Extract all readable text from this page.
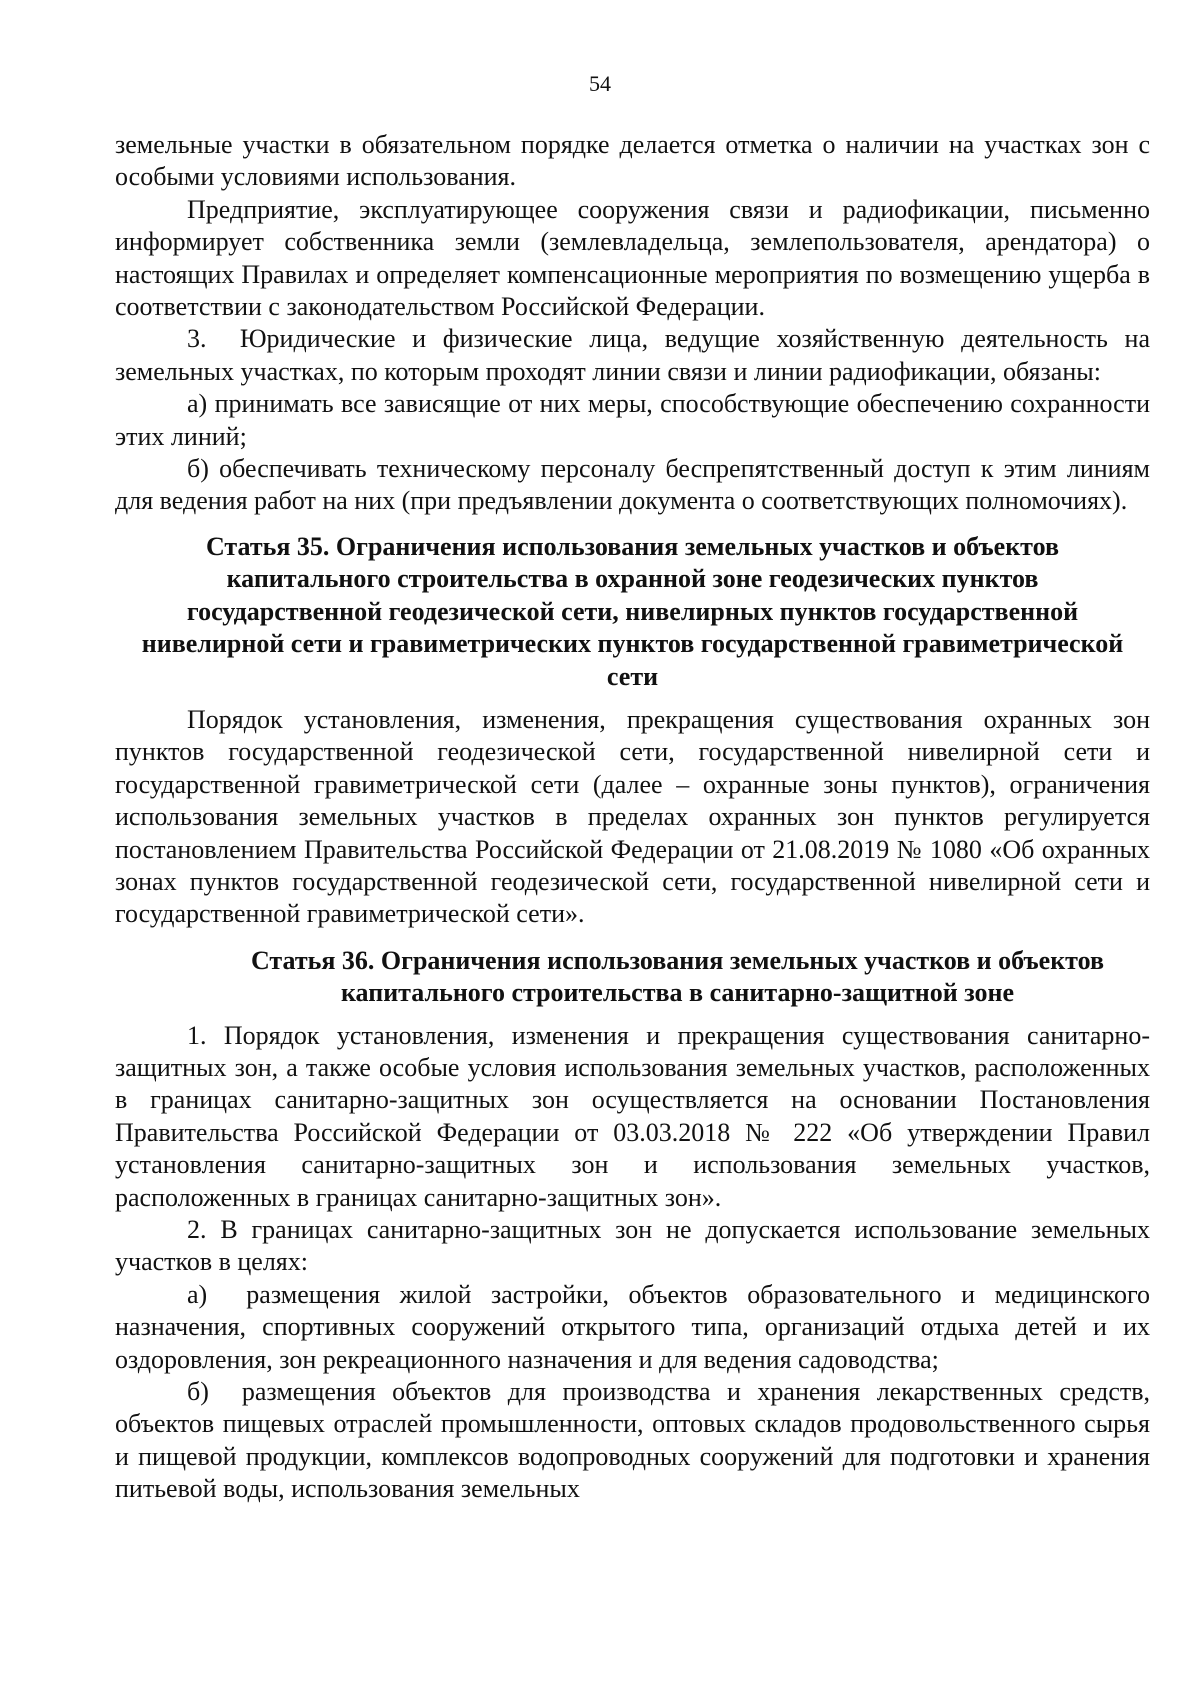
54

земельные участки в обязательном порядке делается отметка о наличии на участках зон с особыми условиями использования.

Предприятие, эксплуатирующее сооружения связи и радиофикации, письменно информирует собственника земли (землевладельца, землепользователя, арендатора) о настоящих Правилах и определяет компенсационные мероприятия по возмещению ущерба в соответствии с законодательством Российской Федерации.

3.  Юридические и физические лица, ведущие хозяйственную деятельность на земельных участках, по которым проходят линии связи и линии радиофикации, обязаны:

а) принимать все зависящие от них меры, способствующие обеспечению сохранности этих линий;

б) обеспечивать техническому персоналу беспрепятственный доступ к этим линиям для ведения работ на них (при предъявлении документа о соответствующих полномочиях).

Статья 35. Ограничения использования земельных участков и объектов капитального строительства в охранной зоне геодезических пунктов государственной геодезической сети, нивелирных пунктов государственной нивелирной сети и гравиметрических пунктов государственной гравиметрической сети

Порядок установления, изменения, прекращения существования охранных зон пунктов государственной геодезической сети, государственной нивелирной сети и государственной гравиметрической сети (далее – охранные зоны пунктов), ограничения использования земельных участков в пределах охранных зон пунктов регулируется постановлением Правительства Российской Федерации от 21.08.2019 № 1080 «Об охранных зонах пунктов государственной геодезической сети, государственной нивелирной сети и государственной гравиметрической сети».

Статья 36. Ограничения использования земельных участков и объектов капитального строительства в санитарно-защитной зоне

1. Порядок установления, изменения и прекращения существования санитарно-защитных зон, а также особые условия использования земельных участков, расположенных в границах санитарно-защитных зон осуществляется на основании Постановления Правительства Российской Федерации от 03.03.2018 № 222 «Об утверждении Правил установления санитарно-защитных зон и использования земельных участков, расположенных в границах санитарно-защитных зон».

2. В границах санитарно-защитных зон не допускается использование земельных участков в целях:

а)  размещения жилой застройки, объектов образовательного и медицинского назначения, спортивных сооружений открытого типа, организаций отдыха детей и их оздоровления, зон рекреационного назначения и для ведения садоводства;

б)  размещения объектов для производства и хранения лекарственных средств, объектов пищевых отраслей промышленности, оптовых складов продовольственного сырья и пищевой продукции, комплексов водопроводных сооружений для подготовки и хранения питьевой воды, использования земельных
